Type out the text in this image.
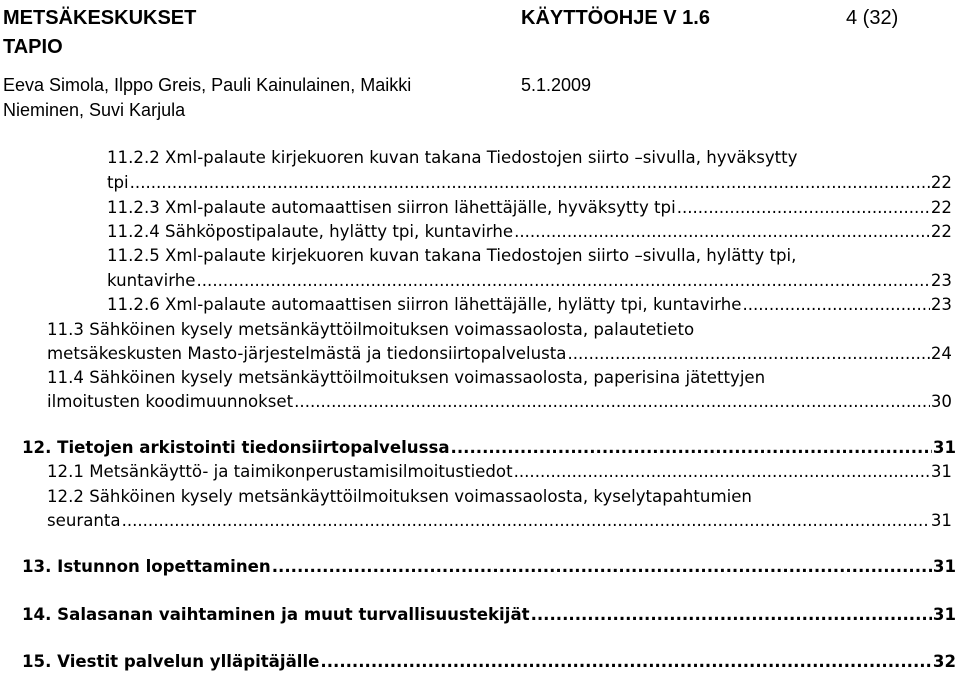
METSÄKESKUKSET
TAPIO
KÄYTTÖOHJE V 1.6	4 (32)
Eeva Simola, Ilppo Greis, Pauli Kainulainen, Maikki
Nieminen, Suvi Karjula
5.1.2009
11.2.2 Xml-palaute kirjekuoren kuvan takana Tiedostojen siirto –sivulla, hyväksytty
tpi .....	22
11.2.3 Xml-palaute automaattisen siirron lähettäjälle, hyväksytty tpi .....	22
11.2.4 Sähköpostipalaute, hylätty tpi, kuntavirhe .....	22
11.2.5 Xml-palaute kirjekuoren kuvan takana Tiedostojen siirto –sivulla, hylätty tpi,
kuntavirhe .....	23
11.2.6 Xml-palaute automaattisen siirron lähettäjälle, hylätty tpi, kuntavirhe .....	23
11.3 Sähköinen kysely metsänkäyttöilmoituksen voimassaolosta, palautetieto
metsäkeskusten Masto-järjestelmästä ja tiedonsiirtopalvelusta .....	24
11.4 Sähköinen kysely metsänkäyttöilmoituksen voimassaolosta, paperisina jätettyjen
ilmoitusten koodimuunnokset .....	30
12. Tietojen arkistointi tiedonsiirtopalvelussa .....	31
12.1 Metsänkäyttö- ja taimikonperustamisilmoitustiedot .....	31
12.2 Sähköinen kysely metsänkäyttöilmoituksen voimassaolosta, kyselytapahtumien
seuranta .....	31
13. Istunnon lopettaminen .....	31
14. Salasanan vaihtaminen ja muut turvallisuustekijät .....	31
15. Viestit palvelun ylläpitäjälle .....	32
